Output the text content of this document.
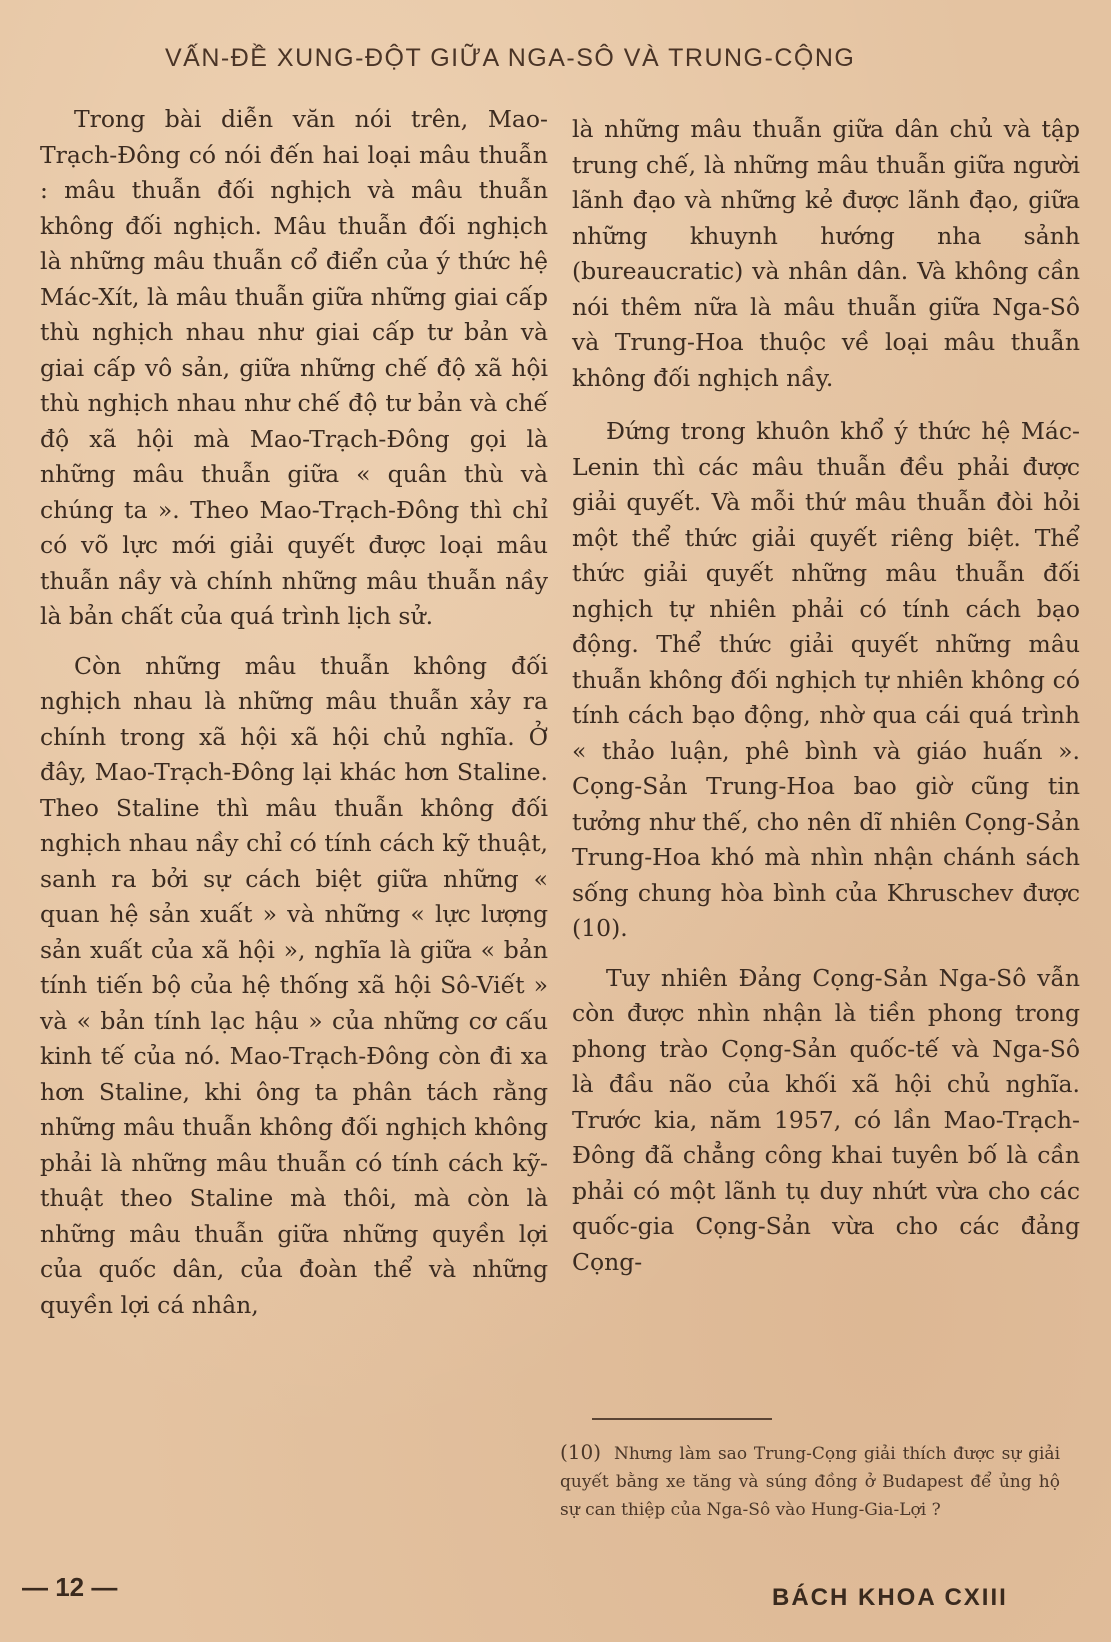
VẤN-ĐỀ XUNG-ĐỘT GIỮA NGA-SÔ VÀ TRUNG-CỘNG

Trong bài diễn văn nói trên, Mao-Trạch-Đông có nói đến hai loại mâu thuẫn : mâu thuẫn đối nghịch và mâu thuẫn không đối nghịch. Mâu thuẫn đối nghịch là những mâu thuẫn cổ điển của ý thức hệ Mác-Xít, là mâu thuẫn giữa những giai cấp thù nghịch nhau như giai cấp tư bản và giai cấp vô sản, giữa những chế độ xã hội thù nghịch nhau như chế độ tư bản và chế độ xã hội mà Mao-Trạch-Đông gọi là những mâu thuẫn giữa « quân thù và chúng ta ». Theo Mao-Trạch-Đông thì chỉ có võ lực mới giải quyết được loại mâu thuẫn nầy và chính những mâu thuẫn nầy là bản chất của quá trình lịch sử.

Còn những mâu thuẫn không đối nghịch nhau là những mâu thuẫn xảy ra chính trong xã hội xã hội chủ nghĩa. Ở đây, Mao-Trạch-Đông lại khác hơn Staline. Theo Staline thì mâu thuẫn không đối nghịch nhau nầy chỉ có tính cách kỹ thuật, sanh ra bởi sự cách biệt giữa những « quan hệ sản xuất » và những « lực lượng sản xuất của xã hội », nghĩa là giữa « bản tính tiến bộ của hệ thống xã hội Sô-Viết » và « bản tính lạc hậu » của những cơ cấu kinh tế của nó. Mao-Trạch-Đông còn đi xa hơn Staline, khi ông ta phân tách rằng những mâu thuẫn không đối nghịch không phải là những mâu thuẫn có tính cách kỹ-thuật theo Staline mà thôi, mà còn là những mâu thuẫn giữa những quyền lợi của quốc dân, của đoàn thể và những quyền lợi cá nhân,

là những mâu thuẫn giữa dân chủ và tập trung chế, là những mâu thuẫn giữa người lãnh đạo và những kẻ được lãnh đạo, giữa những khuynh hướng nha sảnh (bureaucratic) và nhân dân. Và không cần nói thêm nữa là mâu thuẫn giữa Nga-Sô và Trung-Hoa thuộc về loại mâu thuẫn không đối nghịch nầy.

Đứng trong khuôn khổ ý thức hệ Mác-Lenin thì các mâu thuẫn đều phải được giải quyết. Và mỗi thứ mâu thuẫn đòi hỏi một thể thức giải quyết riêng biệt. Thể thức giải quyết những mâu thuẫn đối nghịch tự nhiên phải có tính cách bạo động. Thể thức giải quyết những mâu thuẫn không đối nghịch tự nhiên không có tính cách bạo động, nhờ qua cái quá trình « thảo luận, phê bình và giáo huấn ». Cọng-Sản Trung-Hoa bao giờ cũng tin tưởng như thế, cho nên dĩ nhiên Cọng-Sản Trung-Hoa khó mà nhìn nhận chánh sách sống chung hòa bình của Khruschev được (10).

Tuy nhiên Đảng Cọng-Sản Nga-Sô vẫn còn được nhìn nhận là tiền phong trong phong trào Cọng-Sản quốc-tế và Nga-Sô là đầu não của khối xã hội chủ nghĩa. Trước kia, năm 1957, có lần Mao-Trạch-Đông đã chẳng công khai tuyên bố là cần phải có một lãnh tụ duy nhứt vừa cho các quốc-gia Cọng-Sản vừa cho các đảng Cọng-

(10) Nhưng làm sao Trung-Cọng giải thích được sự giải quyết bằng xe tăng và súng đồng ở Budapest để ủng hộ sự can thiệp của Nga-Sô vào Hung-Gia-Lợi ?
— 12 —	BÁCH KHOA CXIII
